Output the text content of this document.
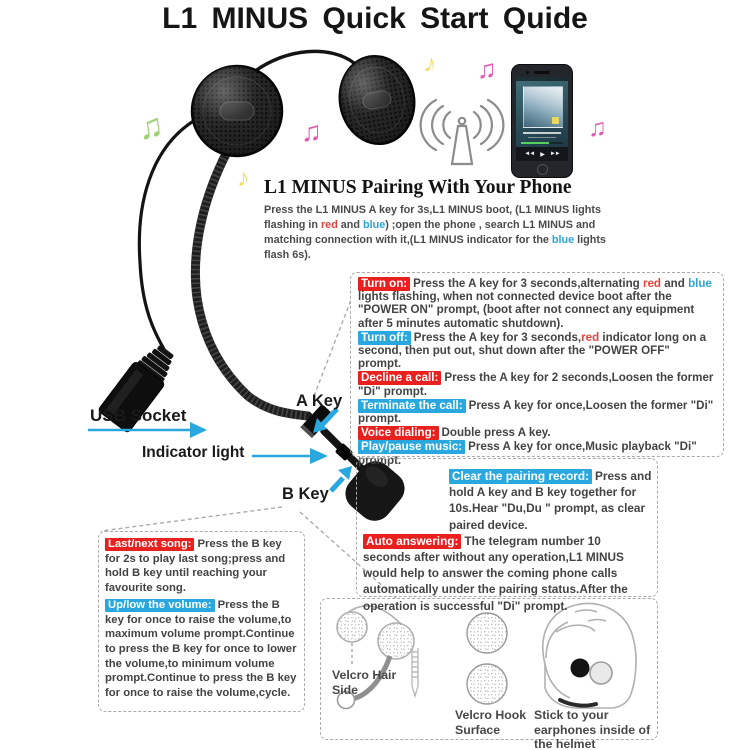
♫	♫
♪
♪ ♫
♫
◄◄ ▶ ►►
L1 MINUS Quick Start Quide
L1 MINUS Pairing With Your Phone
Press the L1 MINUS A key for 3s,L1 MINUS boot, (L1 MINUS lights flashing in red and blue) ;open the phone , search L1 MINUS and matching connection with it,(L1 MINUS indicator for the blue lights flash 6s).
USB Socket
Indicator light
A Key
B Key
Turn on: Press the A key for 3 seconds,alternating red and blue lights flashing, when not connected device boot after the "POWER ON" prompt, (boot after not connect any equipment after 5 minutes automatic shutdown).
Turn off: Press the A key for 3 seconds,red indicator long on a second, then put out, shut down after the "POWER OFF" prompt.
Decline a call: Press the A key for 2 seconds,Loosen the former "Di" prompt.
Terminate the call: Press A key for once,Loosen the former "Di" prompt.
Voice dialing: Double press A key.
Play/pause music: Press A key for once,Music playback "Di" prompt.
Clear the pairing record: Press and hold A key and B key together for 10s.Hear "Du,Du " prompt, as clear paired device.
Auto answering: The telegram number 10 seconds after without any operation,L1 MINUS would help to answer the coming phone calls automatically under the pairing status.After the operation is successful "Di" prompt.
Last/next song: Press the B key for 2s to play last song;press and hold B key until reaching your favourite song.
Up/low the volume: Press the B key for once to raise the volume,to maximum volume prompt.Continue to press the B key for once to lower the volume,to minimum volume prompt.Continue to press the B key for once to raise the volume,cycle.
Velcro Hair Side
Velcro Hook Surface
Stick to your earphones inside of the helmet
